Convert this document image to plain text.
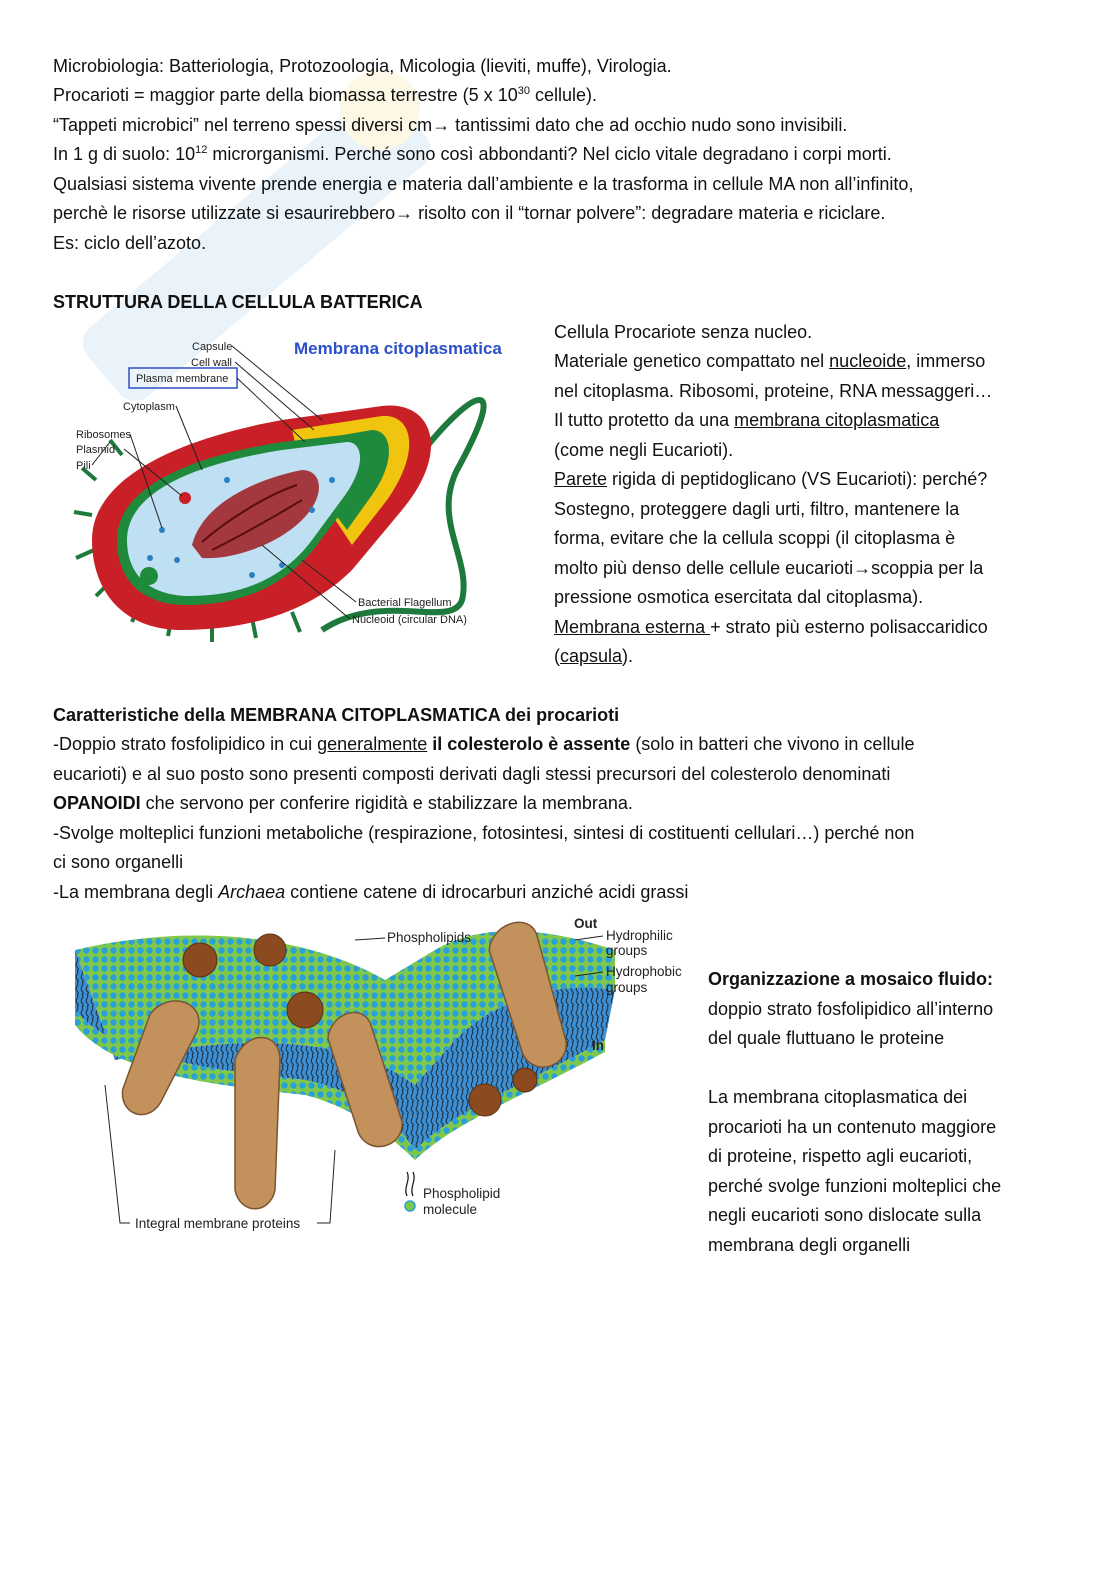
Microbiologia: Batteriologia, Protozoologia, Micologia (lieviti, muffe), Virologia.
Procarioti = maggior parte della biomassa terrestre (5 x $10^{30}$ cellule).
“Tappeti microbici” nel terreno spessi diversi cm→ tantissimi dato che ad occhio nudo sono invisibili.
In 1 g di suolo: $10^{12}$ microrganismi. Perché sono così abbondanti? Nel ciclo vitale degradano i corpi morti.
Qualsiasi sistema vivente prende energia e materia dall’ambiente e la trasforma in cellule MA non all’infinito,
perchè le risorse utilizzate si esaurirebbero→ risolto con il “tornar polvere”: degradare materia e riciclare.
Es: ciclo dell’azoto.
STRUTTURA DELLA CELLULA BATTERICA
Membrana citoplasmatica
Capsule
Cell wall
Plasma membrane
Cytoplasm
Ribosomes
Plasmid
Pili
Bacterial Flagellum
Nucleoid (circular DNA)
Cellula Procariote senza nucleo.
Materiale genetico compattato nel nucleoide, immerso
nel citoplasma. Ribosomi, proteine, RNA messaggeri…
Il tutto protetto da una membrana citoplasmatica
(come negli Eucarioti).
Parete rigida di peptidoglicano (VS Eucarioti): perché?
Sostegno, proteggere dagli urti, filtro, mantenere la
forma, evitare che la cellula scoppi (il citoplasma è
molto più denso delle cellule eucarioti→scoppia per la
pressione osmotica esercitata dal citoplasma).
Membrana esterna + strato più esterno polisaccaridico
(capsula).
Caratteristiche della MEMBRANA CITOPLASMATICA dei procarioti
-Doppio strato fosfolipidico in cui generalmente il colesterolo è assente (solo in batteri che vivono in cellule
eucarioti) e al suo posto sono presenti composti derivati dagli stessi precursori del colesterolo denominati
OPANOIDI che servono per conferire rigidità e stabilizzare la membrana.
-Svolge molteplici funzioni metaboliche (respirazione, fotosintesi, sintesi di costituenti cellulari…) perché non
ci sono organelli
-La membrana degli Archaea contiene catene di idrocarburi anziché acidi grassi
Phospholipids
Out
In
Hydrophilic
groups
Hydrophobic
groups
Phospholipid
molecule
Integral membrane proteins
Organizzazione a mosaico fluido:
doppio strato fosfolipidico all’interno
del quale fluttuano le proteine
La membrana citoplasmatica dei
procarioti ha un contenuto maggiore
di proteine, rispetto agli eucarioti,
perché svolge funzioni molteplici che
negli eucarioti sono dislocate sulla
membrana degli organelli
